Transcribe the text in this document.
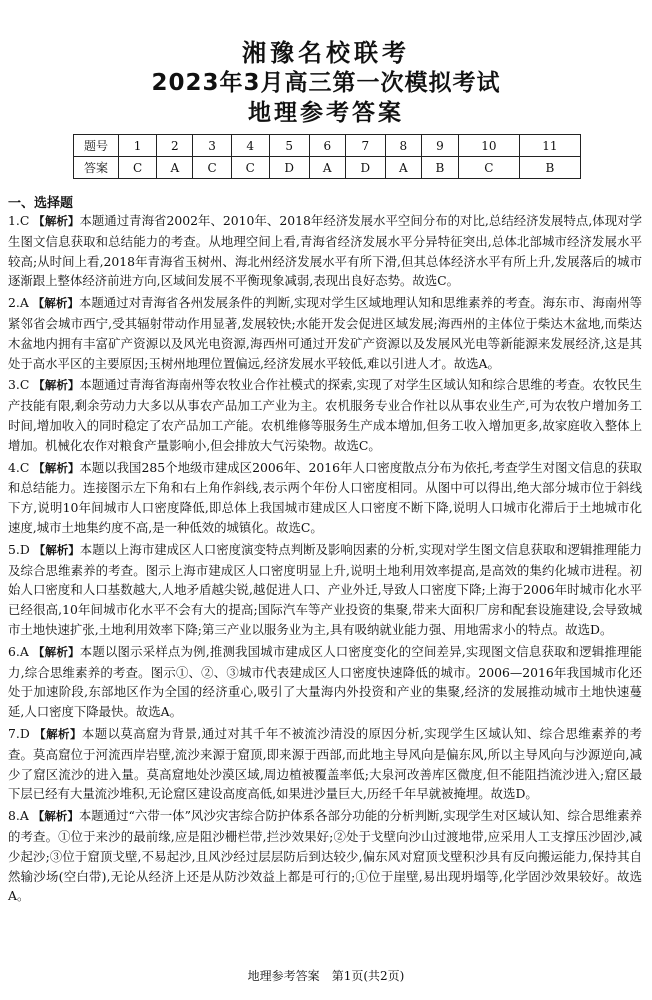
湘豫名校联考
2023年3月高三第一次模拟考试
地理参考答案
题号	1	2	3	4	5	6	7	8	9	10	11
答案	C	A	C	C	D	A	D	A	B	C	B
一、选择题

1.C 【解析】本题通过青海省2002年、2010年、2018年经济发展水平空间分布的对比,总结经济发展特点,体现对学生图文信息获取和总结能力的考查。从地理空间上看,青海省经济发展水平分异特征突出,总体北部城市经济发展水平较高;从时间上看,2018年青海省玉树州、海北州经济发展水平有所下滑,但其总体经济水平有所上升,发展落后的城市逐渐跟上整体经济前进方向,区域间发展不平衡现象减弱,表现出良好态势。故选C。

2.A 【解析】本题通过对青海省各州发展条件的判断,实现对学生区域地理认知和思维素养的考查。海东市、海南州等紧邻省会城市西宁,受其辐射带动作用显著,发展较快;水能开发会促进区域发展;海西州的主体位于柴达木盆地,而柴达木盆地内拥有丰富矿产资源以及风光电资源,海西州可通过开发矿产资源以及发展风光电等新能源来发展经济,这是其处于高水平区的主要原因;玉树州地理位置偏远,经济发展水平较低,难以引进人才。故选A。

3.C 【解析】本题通过青海省海南州等农牧业合作社模式的探索,实现了对学生区域认知和综合思维的考查。农牧民生产技能有限,剩余劳动力大多以从事农产品加工产业为主。农机服务专业合作社以从事农业生产,可为农牧户增加务工时间,增加收入的同时稳定了农产品加工产能。农机维修等服务生产成本增加,但务工收入增加更多,故家庭收入整体上增加。机械化农作对粮食产量影响小,但会排放大气污染物。故选C。

4.C 【解析】本题以我国285个地级市建成区2006年、2016年人口密度散点分布为依托,考查学生对图文信息的获取和总结能力。连接图示左下角和右上角作斜线,表示两个年份人口密度相同。从图中可以得出,绝大部分城市位于斜线下方,说明10年间城市人口密度降低,即总体上我国城市建成区人口密度不断下降,说明人口城市化滞后于土地城市化速度,城市土地集约度不高,是一种低效的城镇化。故选C。

5.D 【解析】本题以上海市建成区人口密度演变特点判断及影响因素的分析,实现对学生图文信息获取和逻辑推理能力及综合思维素养的考查。图示上海市建成区人口密度明显上升,说明土地利用效率提高,是高效的集约化城市进程。初始人口密度和人口基数越大,人地矛盾越尖锐,越促进人口、产业外迁,导致人口密度下降;上海于2006年时城市化水平已经很高,10年间城市化水平不会有大的提高;国际汽车等产业投资的集聚,带来大面积厂房和配套设施建设,会导致城市土地快速扩张,土地利用效率下降;第三产业以服务业为主,具有吸纳就业能力强、用地需求小的特点。故选D。

6.A 【解析】本题以图示采样点为例,推测我国城市建成区人口密度变化的空间差异,实现图文信息获取和逻辑推理能力,综合思维素养的考查。图示①、②、③城市代表建成区人口密度快速降低的城市。2006—2016年我国城市化还处于加速阶段,东部地区作为全国的经济重心,吸引了大量海内外投资和产业的集聚,经济的发展推动城市土地快速蔓延,人口密度下降最快。故选A。

7.D 【解析】本题以莫高窟为背景,通过对其千年不被流沙清没的原因分析,实现学生区域认知、综合思维素养的考查。莫高窟位于河流西岸岩壁,流沙来源于窟顶,即来源于西部,而此地主导风向是偏东风,所以主导风向与沙源逆向,减少了窟区流沙的进入量。莫高窟地处沙漠区域,周边植被覆盖率低;大泉河改善库区微度,但不能阻挡流沙进入;窟区最下层已经有大量流沙堆积,无论窟区建设高度高低,如果进沙量巨大,历经千年早就被掩埋。故选D。

8.A 【解析】本题通过“六带一体”风沙灾害综合防护体系各部分功能的分析判断,实现学生对区域认知、综合思维素养的考查。①位于来沙的最前缘,应是阻沙栅栏带,拦沙效果好;②处于戈壁向沙山过渡地带,应采用人工支撑压沙固沙,减少起沙;③位于窟顶戈壁,不易起沙,且风沙经过层层防后到达较少,偏东风对窟顶戈壁积沙具有反向搬运能力,保持其自然输沙场(空白带),无论从经济上还是从防沙效益上都是可行的;①位于崖壁,易出现坍塌等,化学固沙效果较好。故选A。

地理参考答案 第1页(共2页)
